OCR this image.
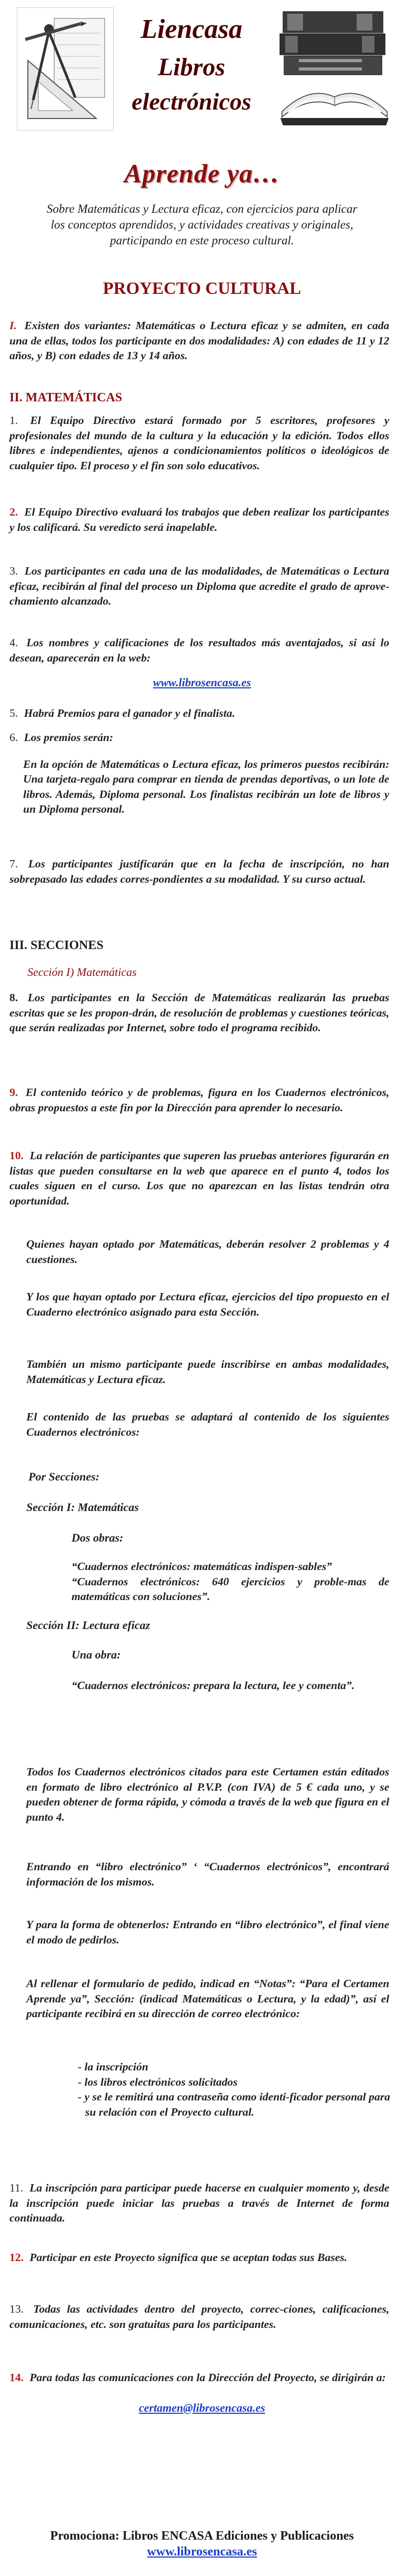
Liencasa
Libros
electrónicos
Aprende ya…
Sobre Matemáticas y Lectura eficaz, con ejercicios para aplicar
los conceptos aprendidos, y actividades creativas y originales,
participando en este proceso cultural.
PROYECTO CULTURAL
I. Existen dos variantes: Matemáticas o Lectura eficaz y se admiten, en cada una de ellas, todos los participante en dos modalidades: A) con edades de 11 y 12 años, y B) con edades de 13 y 14 años.
II. MATEMÁTICAS
1. El Equipo Directivo estará formado por 5 escritores, profesores y profesionales del mundo de la cultura y la educación y la edición. Todos ellos libres e independientes, ajenos a condicionamientos políticos o ideológicos de cualquier tipo. El proceso y el fin son solo educativos.
2. El Equipo Directivo evaluará los trabajos que deben realizar los participantes y los calificará. Su veredicto será inapelable.
3. Los participantes en cada una de las modalidades, de Matemáticas o Lectura eficaz, recibirán al final del proceso un Diploma que acredite el grado de aprove-chamiento alcanzado.
4. Los nombres y calificaciones de los resultados más aventajados, si así lo desean, aparecerán en la web:
www.librosencasa.es
5. Habrá Premios para el ganador y el finalista.
6. Los premios serán:
En la opción de Matemáticas o Lectura eficaz, los primeros puestos recibirán: Una tarjeta-regalo para comprar en tienda de prendas deportivas, o un lote de libros. Además, Diploma personal. Los finalistas recibirán un lote de libros y un Diploma personal.
7. Los participantes justificarán que en la fecha de inscripción, no han sobrepasado las edades corres-pondientes a su modalidad. Y su curso actual.
III. SECCIONES
Sección I) Matemáticas
8. Los participantes en la Sección de Matemáticas realizarán las pruebas escritas que se les propon-drán, de resolución de problemas y cuestiones teóricas, que serán realizadas por Internet, sobre todo el programa recibido.
9. El contenido teórico y de problemas, figura en los Cuadernos electrónicos, obras propuestos a este fin por la Dirección para aprender lo necesario.
10. La relación de participantes que superen las pruebas anteriores figurarán en listas que pueden consultarse en la web que aparece en el punto 4, todos los cuales siguen en el curso. Los que no aparezcan en las listas tendrán otra oportunidad.
Quienes hayan optado por Matemáticas, deberán resolver 2 problemas y 4 cuestiones.
Y los que hayan optado por Lectura eficaz, ejercicios del tipo propuesto en el Cuaderno electrónico asignado para esta Sección.
También un mismo participante puede inscribirse en ambas modalidades, Matemáticas y Lectura eficaz.
El contenido de las pruebas se adaptará al contenido de los siguientes Cuadernos electrónicos:
Por Secciones:
Sección I: Matemáticas
Dos obras:
“Cuadernos electrónicos: matemáticas indispen-sables”
“Cuadernos electrónicos: 640 ejercicios y proble-mas de matemáticas con soluciones”.
Sección II: Lectura eficaz
Una obra:
“Cuadernos electrónicos: prepara la lectura, lee y comenta”.
Todos los Cuadernos electrónicos citados para este Certamen están editados en formato de libro electrónico al P.V.P. (con IVA) de 5 € cada uno, y se pueden obtener de forma rápida, y cómoda a través de la web que figura en el punto 4.
Entrando en “libro electrónico” ‘ “Cuadernos electrónicos”, encontrará información de los mismos.
Y para la forma de obtenerlos: Entrando en “libro electrónico”, el final viene el modo de pedirlos.
Al rellenar el formulario de pedido, indicad en “Notas”: “Para el Certamen Aprende ya”, Sección: (indicad Matemáticas o Lectura, y la edad)”, así el participante recibirá en su dirección de correo electrónico:
- la inscripción
- los libros electrónicos solicitados
- y se le remitirá una contraseña como identi-ficador personal para su relación con el Proyecto cultural.
11. La inscripción para participar puede hacerse en cualquier momento y, desde la inscripción puede iniciar las pruebas a través de Internet de forma continuada.
12. Participar en este Proyecto significa que se aceptan todas sus Bases.
13. Todas las actividades dentro del proyecto, correc-ciones, calificaciones, comunicaciones, etc. son gratuitas para los participantes.
14. Para todas las comunicaciones con la Dirección del Proyecto, se dirigirán a:
certamen@librosencasa.es
Promociona: Libros ENCASA Ediciones y Publicaciones
www.librosencasa.es
